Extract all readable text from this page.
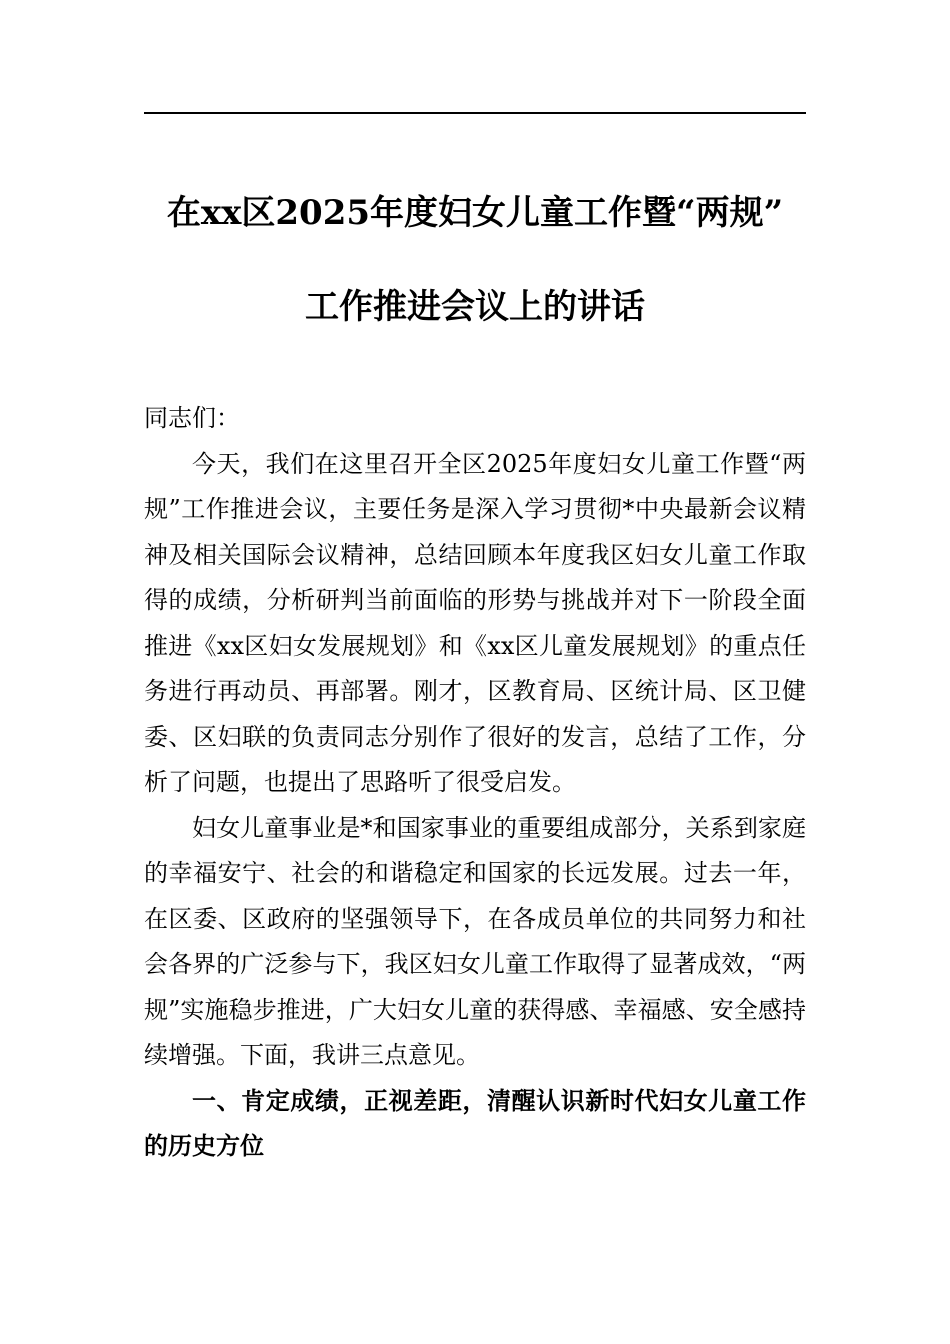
在xx区2025年度妇女儿童工作暨“两规”
工作推进会议上的讲话

同志们：

今天，我们在这里召开全区2025年度妇女儿童工作暨“两规”工作推进会议，主要任务是深入学习贯彻*中央最新会议精神及相关国际会议精神，总结回顾本年度我区妇女儿童工作取得的成绩，分析研判当前面临的形势与挑战并对下一阶段全面推进《xx区妇女发展规划》和《xx区儿童发展规划》的重点任务进行再动员、再部署。刚才，区教育局、区统计局、区卫健委、区妇联的负责同志分别作了很好的发言，总结了工作，分析了问题，也提出了思路听了很受启发。

妇女儿童事业是*和国家事业的重要组成部分，关系到家庭的幸福安宁、社会的和谐稳定和国家的长远发展。过去一年，在区委、区政府的坚强领导下，在各成员单位的共同努力和社会各界的广泛参与下，我区妇女儿童工作取得了显著成效，“两规”实施稳步推进，广大妇女儿童的获得感、幸福感、安全感持续增强。下面，我讲三点意见。

一、肯定成绩，正视差距，清醒认识新时代妇女儿童工作的历史方位
